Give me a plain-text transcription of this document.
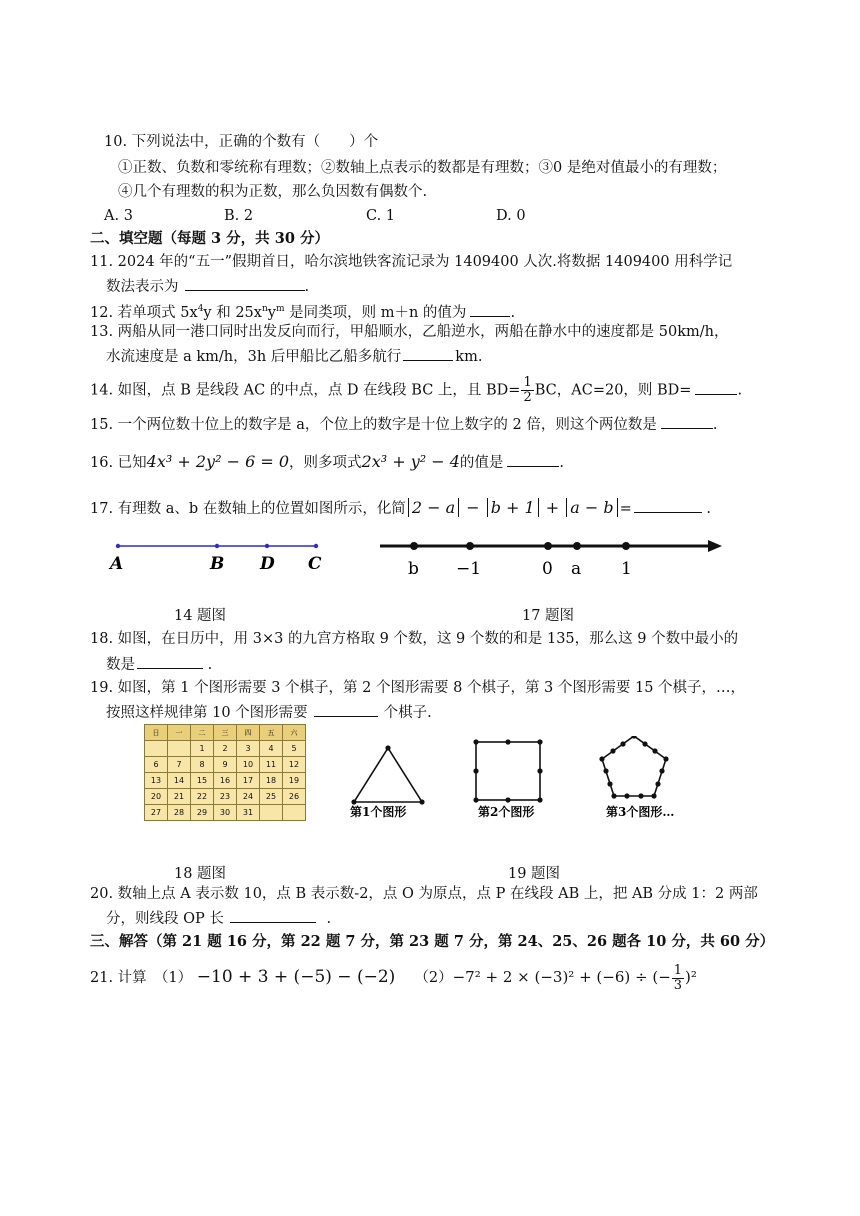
10. 下列说法中，正确的个数有（　　）个
①正数、负数和零统称有理数；②数轴上点表示的数都是有理数；③0 是绝对值最小的有理数；
④几个有理数的积为正数，那么负因数有偶数个.
A. 3	B. 2	C. 1	D. 0
二、填空题（每题 3 分，共 30 分）
11. 2024 年的“五一”假期首日，哈尔滨地铁客流记录为 1409400 人次.将数据 1409400 用科学记
数法表示为	.
12. 若单项式 $5x^4y$ 和 $25x^ny^m$ 是同类项，则 m＋n 的值为	.
13. 两船从同一港口同时出发反向而行，甲船顺水，乙船逆水，两船在静水中的速度都是 50km/h，
水流速度是 a km/h，3h 后甲船比乙船多航行	km.
14. 如图，点 B 是线段 AC 的中点，点 D 在线段 BC 上，且 $BD= \frac{1}{2}$ BC，AC=20，则 BD=	.
15. 一个两位数十位上的数字是 a，个位上的数字是十位上数字的 2 倍，则这个两位数是	.
16. 已知4x³ + 2y² − 6 = 0，则多项式2x³ + y² − 4的值是	.
17. 有理数 a、b 在数轴上的位置如图所示，化简 2 − a − b + 1 + a − b =	.
A	B D C	b −1	0 a 1
14 题图	17 题图
18. 如图，在日历中，用 3×3 的九宫方格取 9 个数，这 9 个数的和是 135，那么这 9 个数中最小的
数是	.
19. 如图，第 1 个图形需要 3 个棋子，第 2 个图形需要 8 个棋子，第 3 个图形需要 15 个棋子，…，
按照这样规律第 10 个图形需要	个棋子.
日	一	二	三	四	五	六
		1	2	3	4	5
6	7	8	9	10	11	12
13	14	15	16	17	18	19
20	21	22	23	24	25	26
27	28	29	30	31			第1个图形	第2个图形	第3个图形…
18 题图	19 题图
20. 数轴上点 A 表示数 10，点 B 表示数-2，点 O 为原点，点 P 在线段 AB 上，把 AB 分成 1：2 两部
分，则线段 OP 长	.
三、解答（第 21 题 16 分，第 22 题 7 分，第 23 题 7 分，第 24、25、26 题各 10 分，共 60 分）
21. 计算　 （1） −10 + 3 + (−5) − (−2)　 （2）−7² + 2 × (−3)² + (−6) ÷ (− $\frac{1}{3} )^2$
